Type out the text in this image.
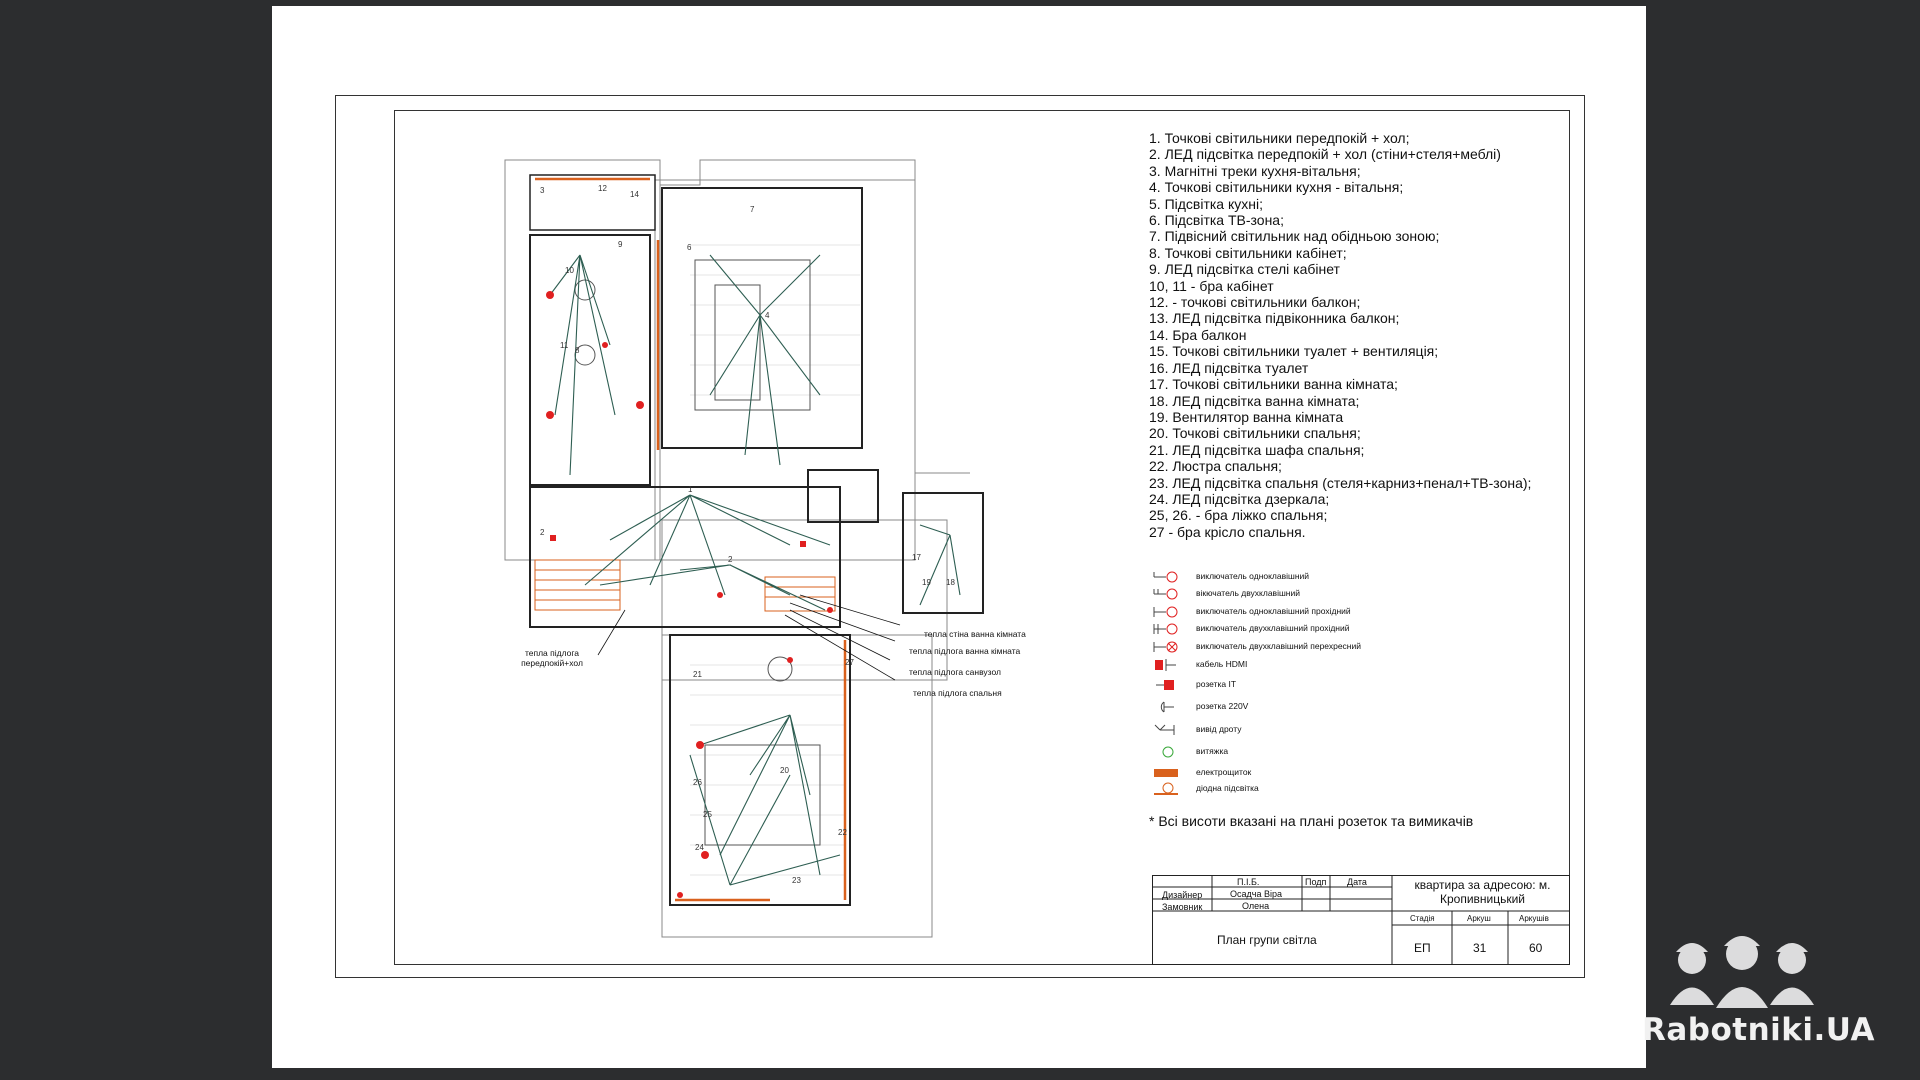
1
2
2
4
6
7
8
9
10
11
12
14
17
19 18
20
21
22
23
24
25
26
27
3
тепла підлога передпокій+хол
тепла стіна ванна кімната
тепла підлога ванна кімната
тепла підлога санвузол
тепла підлога спальня
1. Точкові світильники передпокій + хол;
2. ЛЕД підсвітка передпокій + хол (стіни+стеля+меблі)
3. Магнітні треки кухня-вітальня;
4. Точкові світильники кухня - вітальня;
5. Підсвітка кухні;
6. Підсвітка ТВ-зона;
7. Підвісний світильник над обідньою зоною;
8. Точкові світильники кабінет;
9. ЛЕД підсвітка стелі кабінет
10, 11 - бра кабінет
12. - точкові світильники балкон;
13. ЛЕД підсвітка підвіконника балкон;
14. Бра балкон
15. Точкові світильники туалет + вентиляція;
16. ЛЕД підсвітка туалет
17. Точкові світильники ванна кімната;
18. ЛЕД підсвітка ванна кімната;
19. Вентилятор ванна кімната
20. Точкові світильники спальня;
21. ЛЕД підсвітка шафа спальня;
22. Люстра спальня;
23. ЛЕД підсвітка спальня (стеля+карниз+пенал+ТВ-зона);
24. ЛЕД підсвітка дзеркала;
25, 26. - бра ліжко спальня;
27 - бра крісло спальня.
виключатель одноклавішний
вікючатель двухклавішний
виключатель одноклавішний прохідний
виключатель двухклавішний прохідний
виключатель двухклавішний перехресний
кабель HDMI
розетка ІТ
розетка 220V
вивід дроту
витяжка
електрощиток
діодна підсвітка
* Всі висоти вказані на плані розеток та вимикачів
П.І.Б.	Подп Дата
Дизайнер	Осадча Віра
Замовник	Олена
квартира за адресою: м. Кропивницький
План групи світла
Стадія	Аркуш	Аркушів
ЕП	31	60
Rabotniki.UA
